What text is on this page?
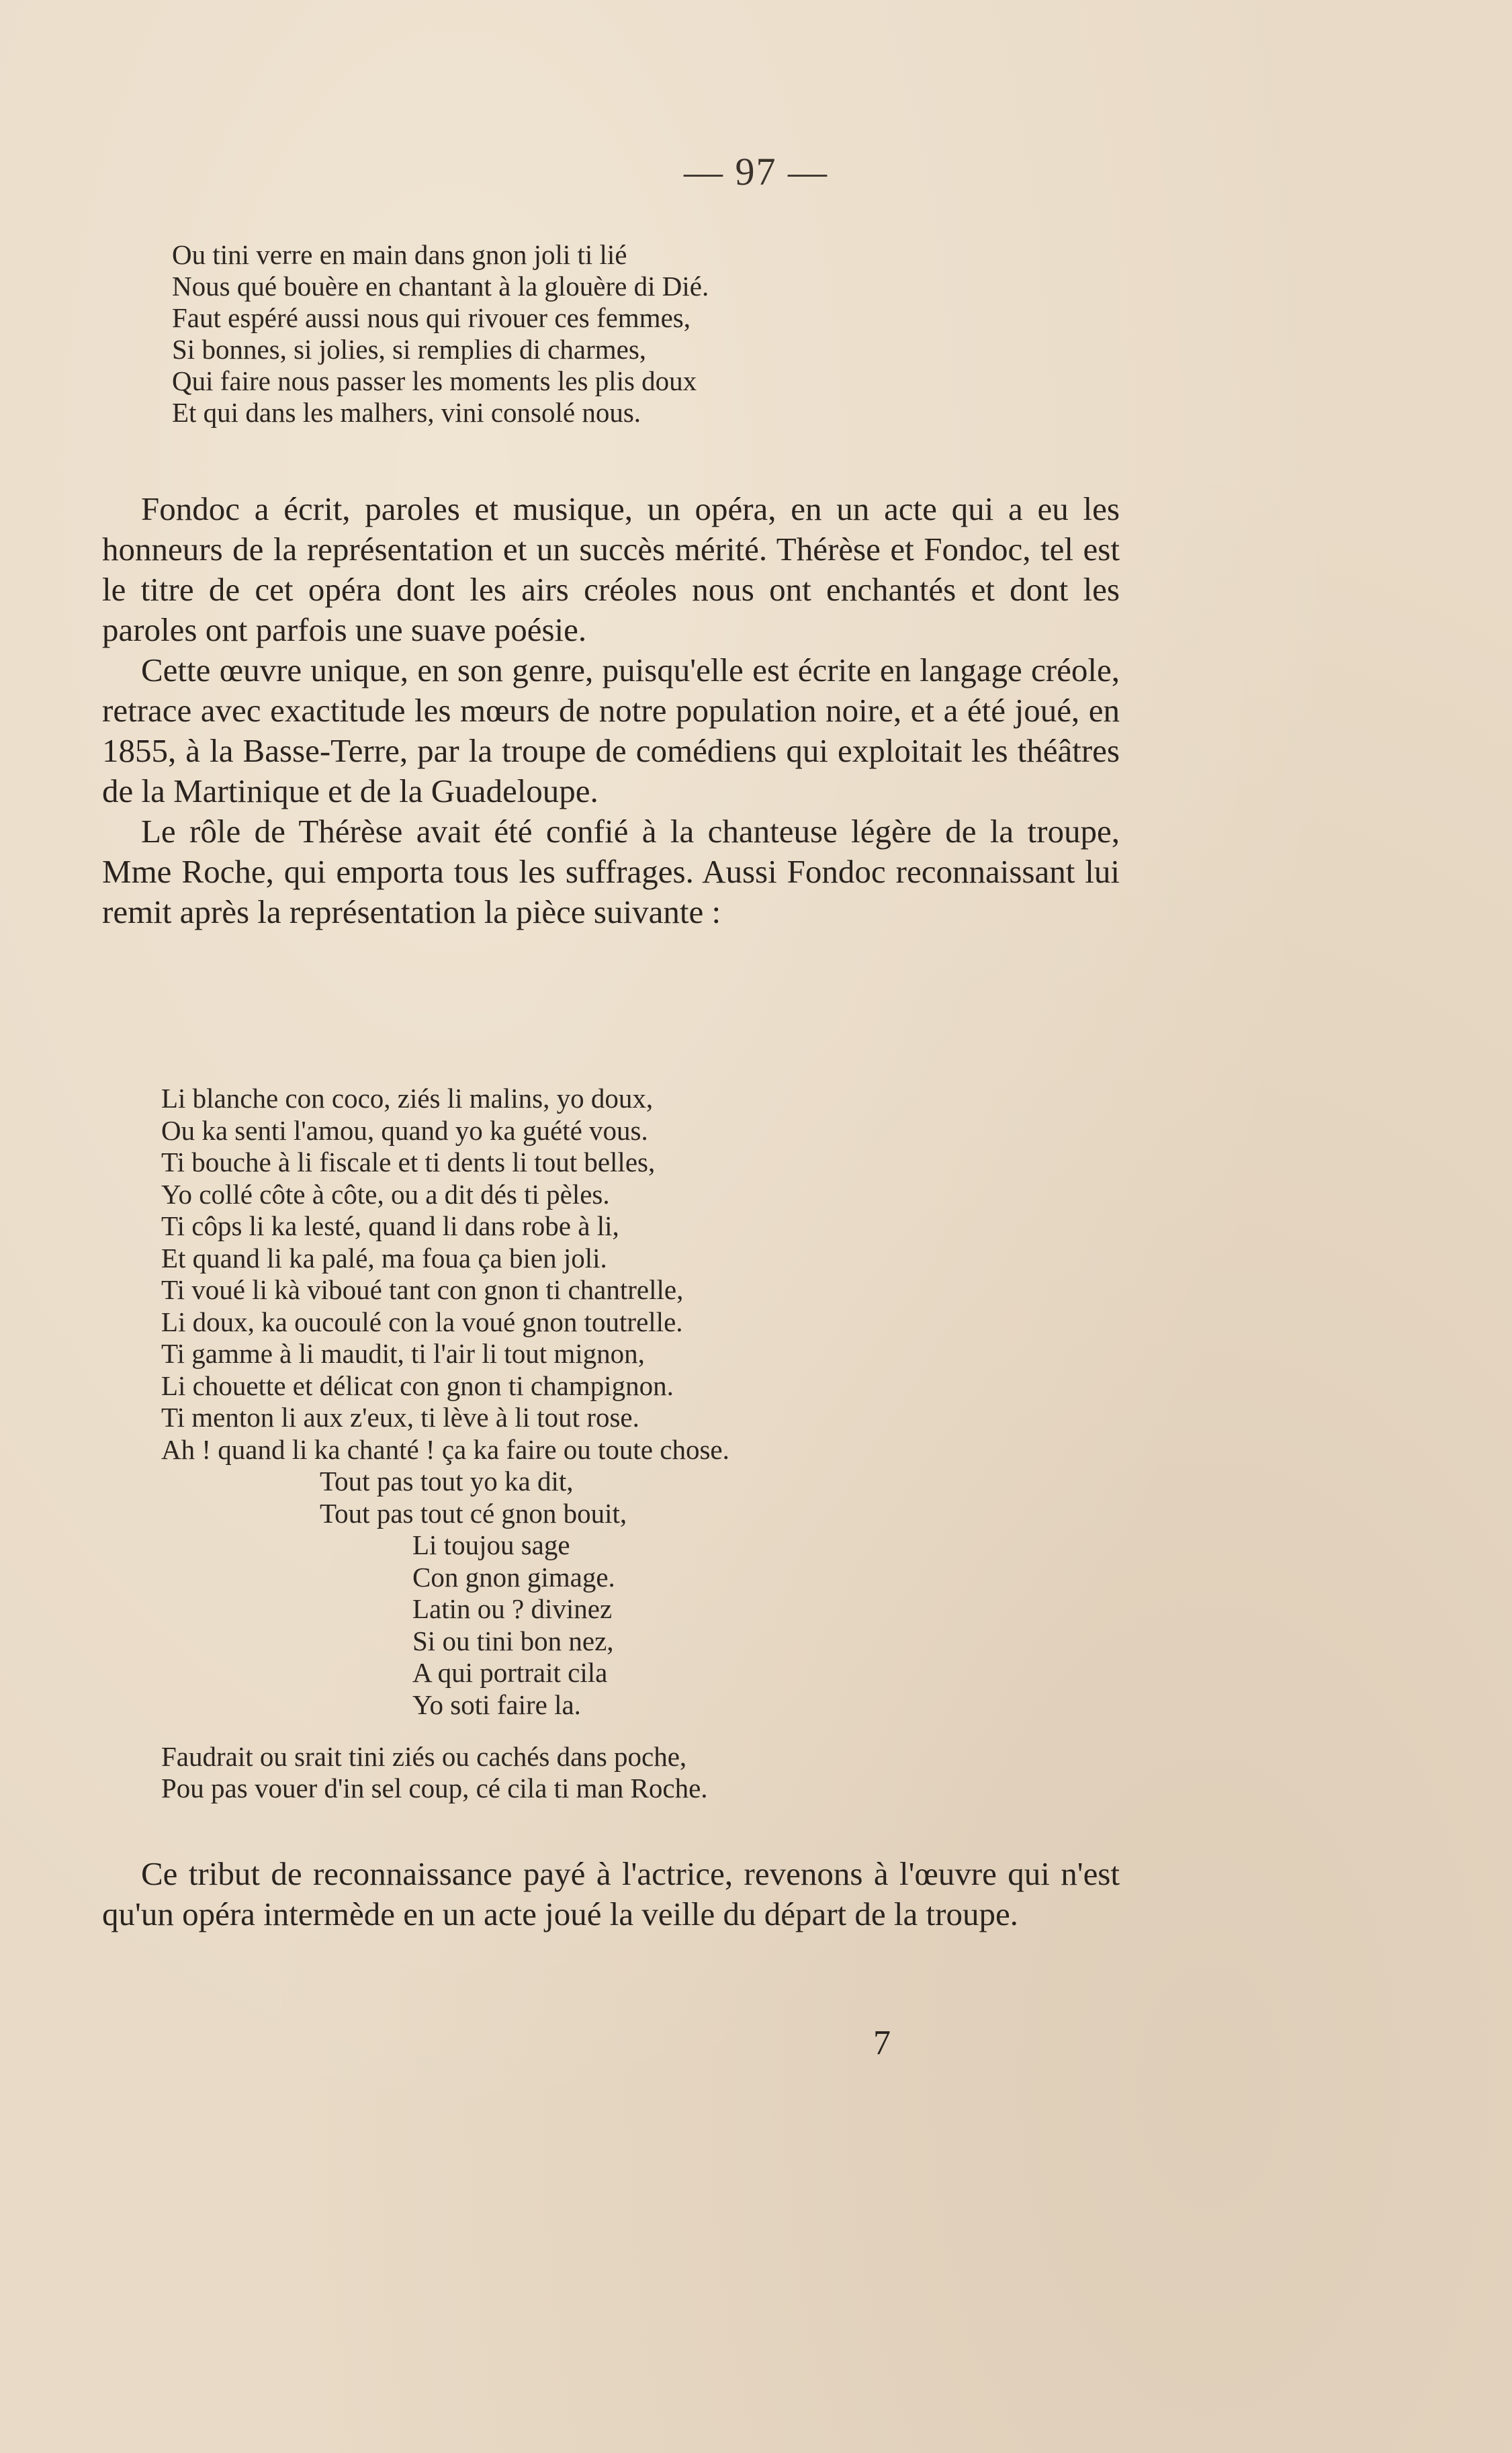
— 97 —
Ou tini verre en main dans gnon joli ti lié
Nous qué bouère en chantant à la glouère di Dié.
Faut espéré aussi nous qui rivouer ces femmes,
Si bonnes, si jolies, si remplies di charmes,
Qui faire nous passer les moments les plis doux
Et qui dans les malhers, vini consolé nous.

Fondoc a écrit, paroles et musique, un opéra, en un acte qui a eu les honneurs de la représentation et un succès mérité. Thérèse et Fondoc, tel est le titre de cet opéra dont les airs créoles nous ont enchantés et dont les paroles ont parfois une suave poésie.

Cette œuvre unique, en son genre, puisqu'elle est écrite en langage créole, retrace avec exactitude les mœurs de notre population noire, et a été joué, en 1855, à la Basse-Terre, par la troupe de comédiens qui exploitait les théâtres de la Martinique et de la Guadeloupe.

Le rôle de Thérèse avait été confié à la chanteuse légère de la troupe, Mme Roche, qui emporta tous les suffrages. Aussi Fondoc reconnaissant lui remit après la représentation la pièce suivante :

Li blanche con coco, ziés li malins, yo doux,
Ou ka senti l'amou, quand yo ka guété vous.
Ti bouche à li fiscale et ti dents li tout belles,
Yo collé côte à côte, ou a dit dés ti pèles.
Ti côps li ka lesté, quand li dans robe à li,
Et quand li ka palé, ma foua ça bien joli.
Ti voué li kà viboué tant con gnon ti chantrelle,
Li doux, ka oucoulé con la voué gnon toutrelle.
Ti gamme à li maudit, ti l'air li tout mignon,
Li chouette et délicat con gnon ti champignon.
Ti menton li aux z'eux, ti lève à li tout rose.
Ah ! quand li ka chanté ! ça ka faire ou toute chose.
Tout pas tout yo ka dit,
Tout pas tout cé gnon bouit,
Li toujou sage
Con gnon gimage.
Latin ou ? divinez
Si ou tini bon nez,
A qui portrait cila
Yo soti faire la.
Faudrait ou srait tini ziés ou cachés dans poche,
Pou pas vouer d'in sel coup, cé cila ti man Roche.

Ce tribut de reconnaissance payé à l'actrice, revenons à l'œuvre qui n'est qu'un opéra intermède en un acte joué la veille du départ de la troupe.

7
